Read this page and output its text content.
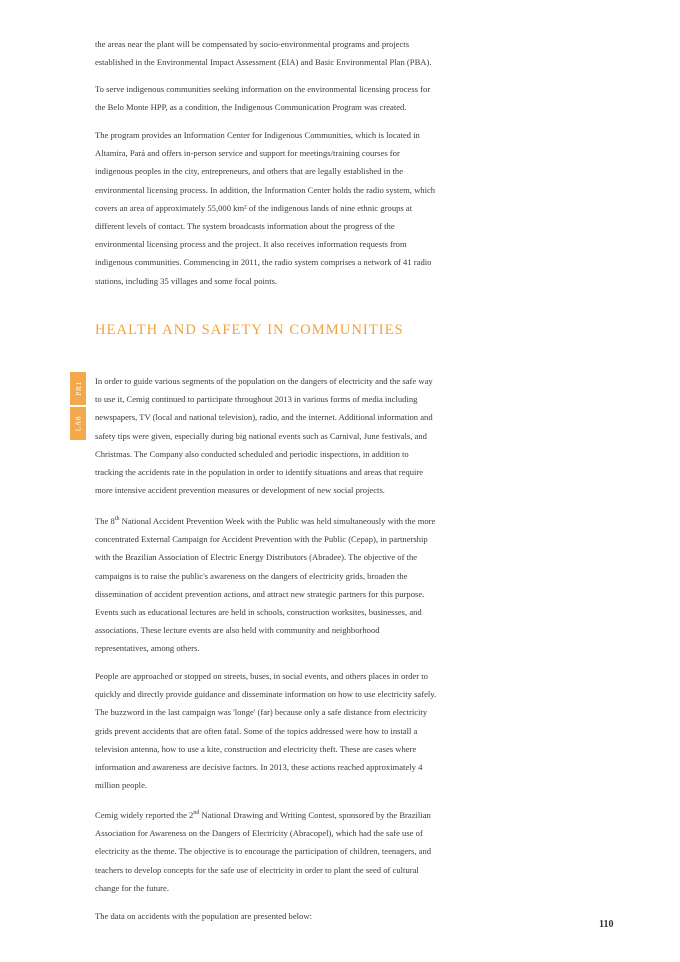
the areas near the plant will be compensated by socio-environmental programs and projects
established in the Environmental Impact Assessment (EIA) and Basic Environmental Plan (PBA).

To serve indigenous communities seeking information on the environmental licensing process for
the Belo Monte HPP, as a condition, the Indigenous Communication Program was created.

The program provides an Information Center for Indigenous Communities, which is located in
Altamira, Pará and offers in-person service and support for meetings/training courses for
indigenous peoples in the city, entrepreneurs, and others that are legally established in the
environmental licensing process. In addition, the Information Center holds the radio system, which
covers an area of approximately 55,000 km² of the indigenous lands of nine ethnic groups at
different levels of contact. The system broadcasts information about the progress of the
environmental licensing process and the project. It also receives information requests from
indigenous communities. Commencing in 2011, the radio system comprises a network of 41 radio
stations, including 35 villages and some focal points.

HEALTH AND SAFETY IN COMMUNITIES
PR1
LA8

In order to guide various segments of the population on the dangers of electricity and the safe way
to use it, Cemig continued to participate throughout 2013 in various forms of media including
newspapers, TV (local and national television), radio, and the internet. Additional information and
safety tips were given, especially during big national events such as Carnival, June festivals, and
Christmas. The Company also conducted scheduled and periodic inspections, in addition to
tracking the accidents rate in the population in order to identify situations and areas that require
more intensive accident prevention measures or development of new social projects.

The 8th National Accident Prevention Week with the Public was held simultaneously with the more
concentrated External Campaign for Accident Prevention with the Public (Cepap), in partnership
with the Brazilian Association of Electric Energy Distributors (Abradee). The objective of the
campaigns is to raise the public's awareness on the dangers of electricity grids, broaden the
dissemination of accident prevention actions, and attract new strategic partners for this purpose.
Events such as educational lectures are held in schools, construction worksites, businesses, and
associations. These lecture events are also held with community and neighborhood
representatives, among others.

People are approached or stopped on streets, buses, in social events, and others places in order to
quickly and directly provide guidance and disseminate information on how to use electricity safely.
The buzzword in the last campaign was 'longe' (far) because only a safe distance from electricity
grids prevent accidents that are often fatal. Some of the topics addressed were how to install a
television antenna, how to use a kite, construction and electricity theft. These are cases where
information and awareness are decisive factors. In 2013, these actions reached approximately 4
million people.

Cemig widely reported the 2nd National Drawing and Writing Contest, sponsored by the Brazilian
Association for Awareness on the Dangers of Electricity (Abracopel), which had the safe use of
electricity as the theme. The objective is to encourage the participation of children, teenagers, and
teachers to develop concepts for the safe use of electricity in order to plant the seed of cultural
change for the future.

The data on accidents with the population are presented below:

110
